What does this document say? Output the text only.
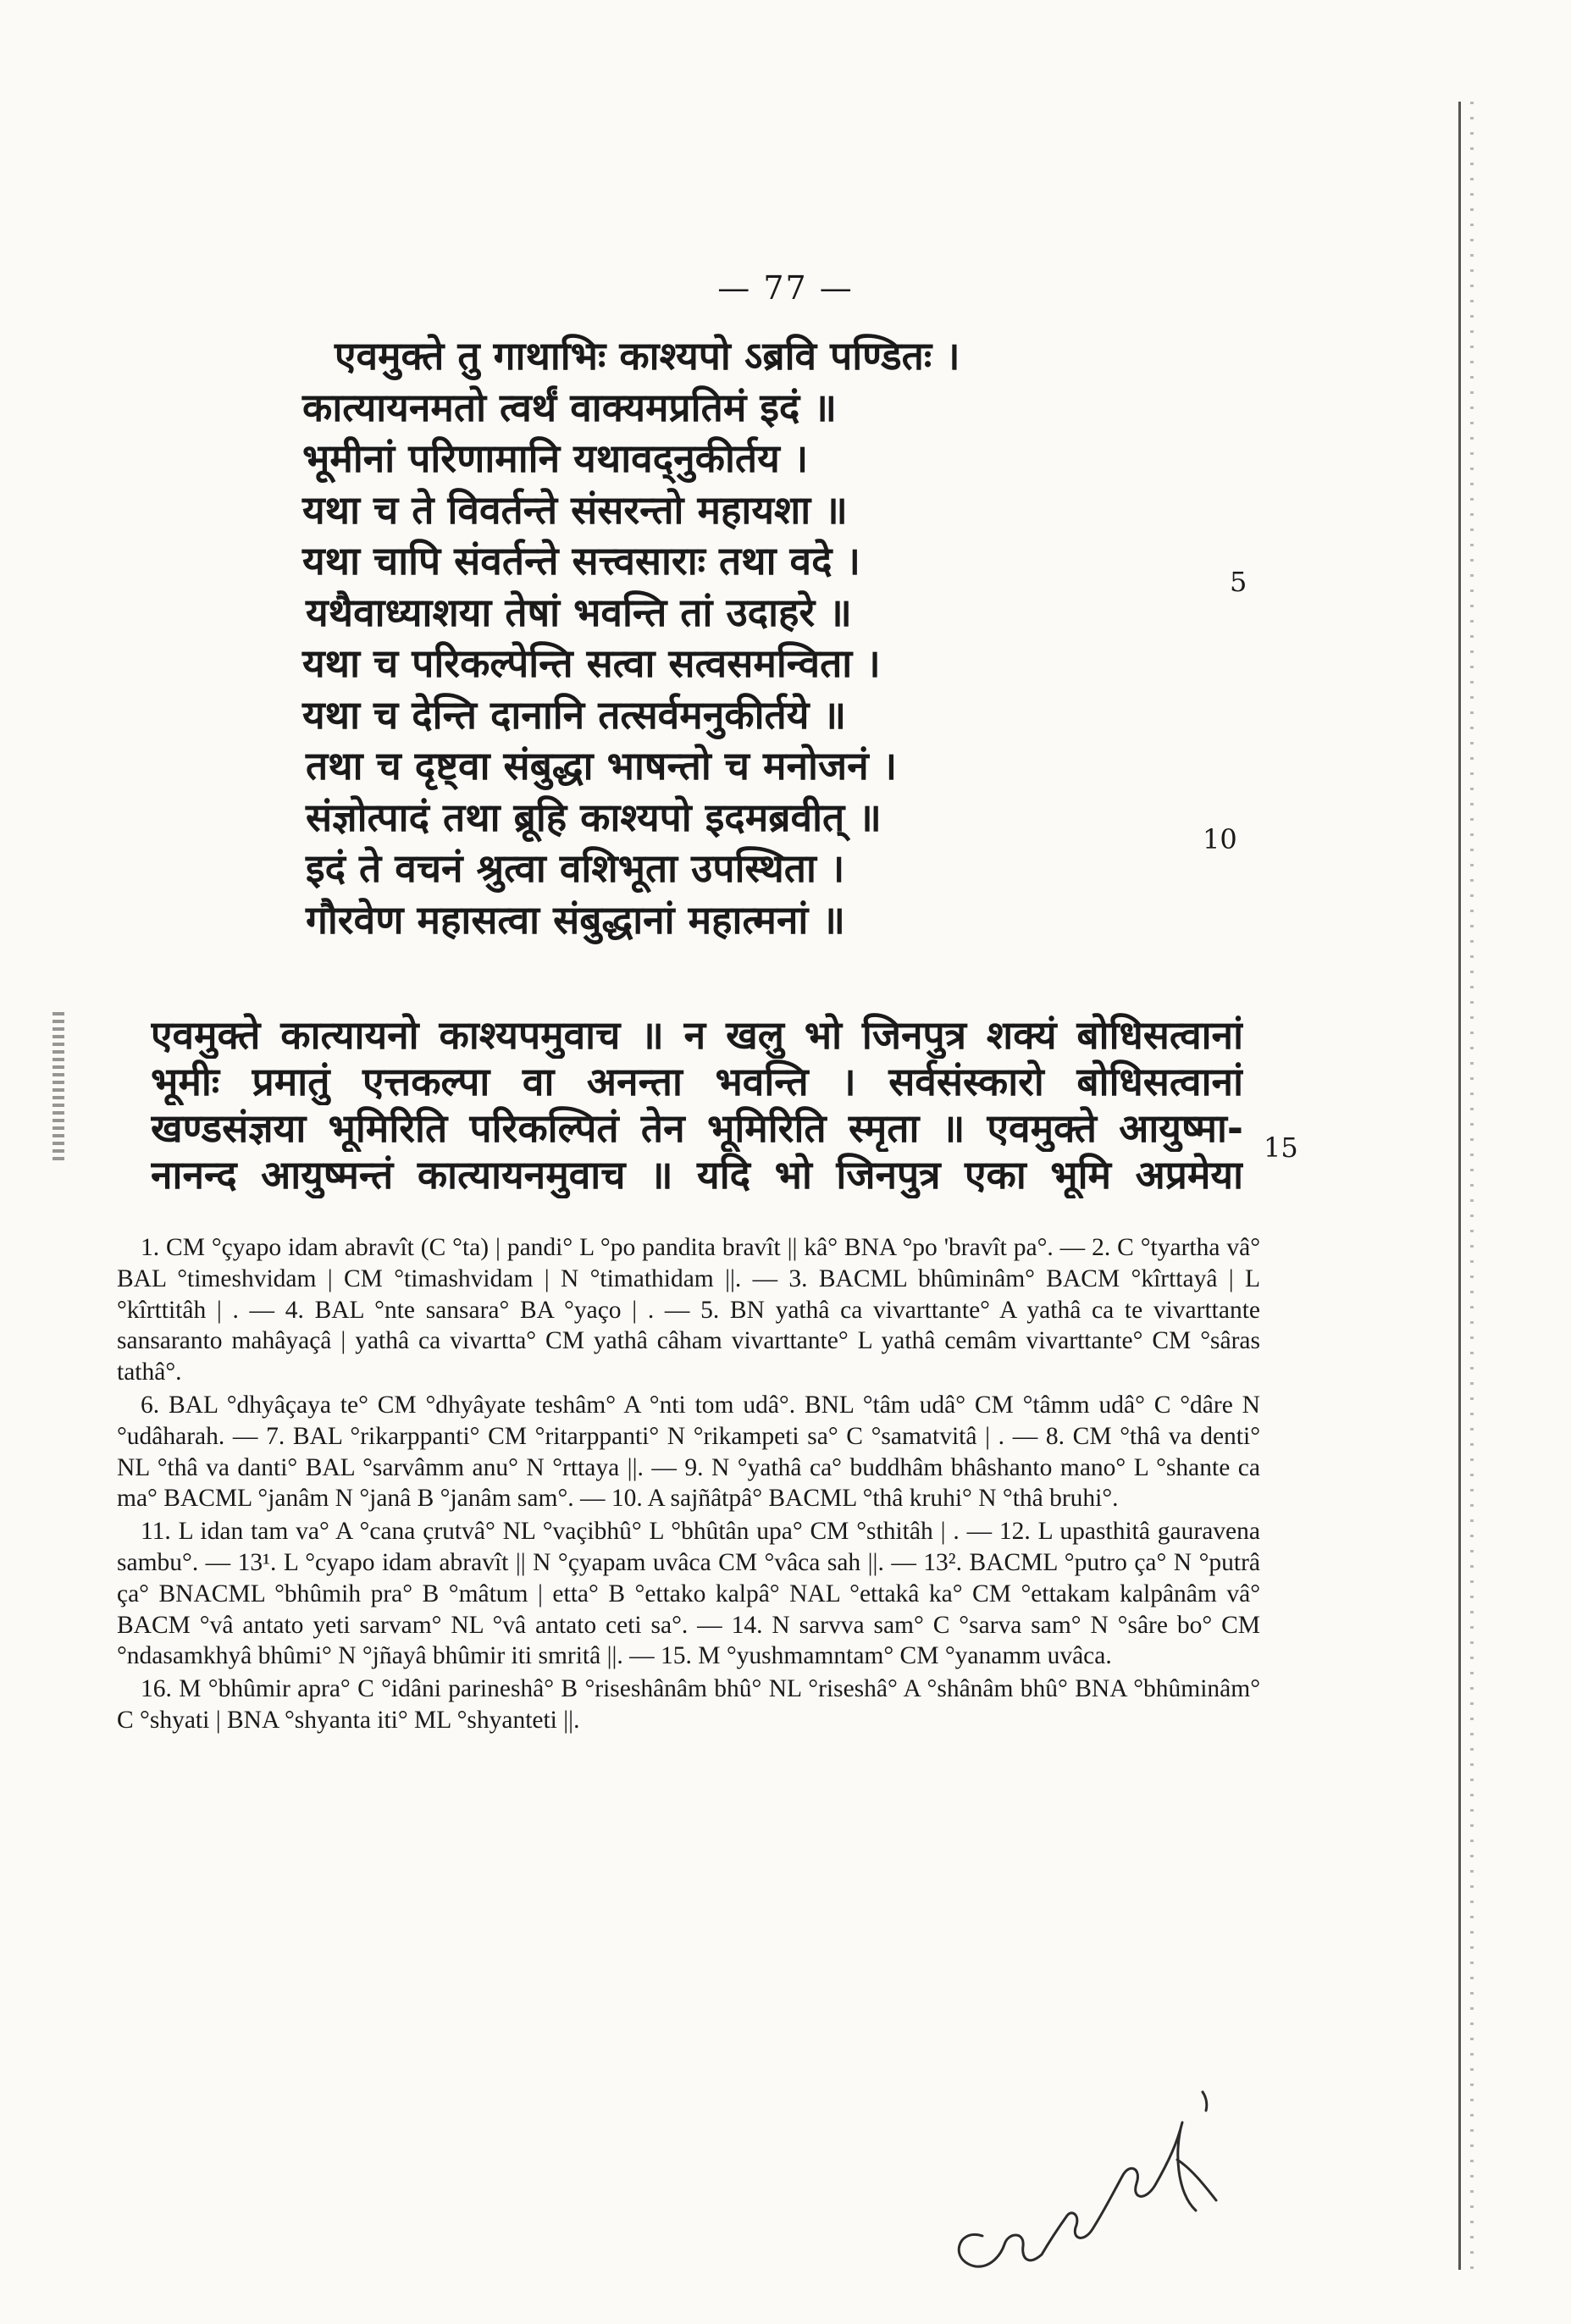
— 77 —
एवमुक्ते तु गाथाभिः काश्यपो ऽब्रवि पण्डितः ।
कात्यायनमतो त्वर्थं वाक्यमप्रतिमं इदं ॥
भूमीनां परिणामानि यथावद्नुकीर्तय ।
यथा च ते विवर्तन्ते संसरन्तो महायशा ॥
यथा चापि संवर्तन्ते सत्त्वसाराः तथा वदे ।
यथैवाध्याशया तेषां भवन्ति तां उदाहरे ॥
यथा च परिकल्पेन्ति सत्वा सत्वसमन्विता ।
यथा च देन्ति दानानि तत्सर्वमनुकीर्तये ॥
तथा च दृष्ट्वा संबुद्धा भाषन्तो च मनोजनं ।
संज्ञोत्पादं तथा ब्रूहि काश्यपो इदमब्रवीत् ॥
इदं ते वचनं श्रुत्वा वशिभूता उपस्थिता ।
गौरवेण महासत्वा संबुद्धानां महात्मनां ॥
5
10
एवमुक्ते कात्यायनो काश्यपमुवाच ॥ न खलु भो जिनपुत्र शक्यं बोधिसत्वानां
भूमीः प्रमातुं एत्तकल्पा वा अनन्ता भवन्ति । सर्वसंस्कारो बोधिसत्वानां
खण्डसंज्ञया भूमिरिति परिकल्पितं तेन भूमिरिति स्मृता ॥ एवमुक्ते आयुष्मा-
नानन्द आयुष्मन्तं कात्यायनमुवाच ॥ यदि भो जिनपुत्र एका भूमि अप्रमेया
15

1. CM °çyapo idam abravît (C °ta) | pandi° L °po pandita bravît || kâ° BNA °po 'bravît pa°. — 2. C °tyartha vâ° BAL °timeshvidam | CM °timashvidam | N °timathidam ||. — 3. BACML bhûminâm° BACM °kîrttayâ | L °kîrttitâh | . — 4. BAL °nte sansara° BA °yaço | . — 5. BN yathâ ca vivarttante° A yathâ ca te vivarttante sansaranto mahâyaçâ | yathâ ca vivartta° CM yathâ câham vivarttante° L yathâ cemâm vivarttante° CM °sâras tathâ°.

6. BAL °dhyâçaya te° CM °dhyâyate teshâm° A °nti tom udâ°. BNL °tâm udâ° CM °tâmm udâ° C °dâre N °udâharah. — 7. BAL °rikarppanti° CM °ritarppanti° N °rikampeti sa° C °samatvitâ | . — 8. CM °thâ va denti° NL °thâ va danti° BAL °sarvâmm anu° N °rttaya ||. — 9. N °yathâ ca° buddhâm bhâshanto mano° L °shante ca ma° BACML °janâm N °janâ B °janâm sam°. — 10. A sajñâtpâ° BACML °thâ kruhi° N °thâ bruhi°.

11. L idan tam va° A °cana çrutvâ° NL °vaçibhû° L °bhûtân upa° CM °sthitâh | . — 12. L upasthitâ gauravena sambu°. — 13¹. L °cyapo idam abravît || N °çyapam uvâca CM °vâca sah ||. — 13². BACML °putro ça° N °putrâ ça° BNACML °bhûmih pra° B °mâtum | etta° B °ettako kalpâ° NAL °ettakâ ka° CM °ettakam kalpânâm vâ° BACM °vâ antato yeti sarvam° NL °vâ antato ceti sa°. — 14. N sarvva sam° C °sarva sam° N °sâre bo° CM °ndasamkhyâ bhûmi° N °jñayâ bhûmir iti smritâ ||. — 15. M °yushmamntam° CM °yanamm uvâca.

16. M °bhûmir apra° C °idâni parineshâ° B °riseshânâm bhû° NL °riseshâ° A °shânâm bhû° BNA °bhûminâm° C °shyati | BNA °shyanta iti° ML °shyanteti ||.
